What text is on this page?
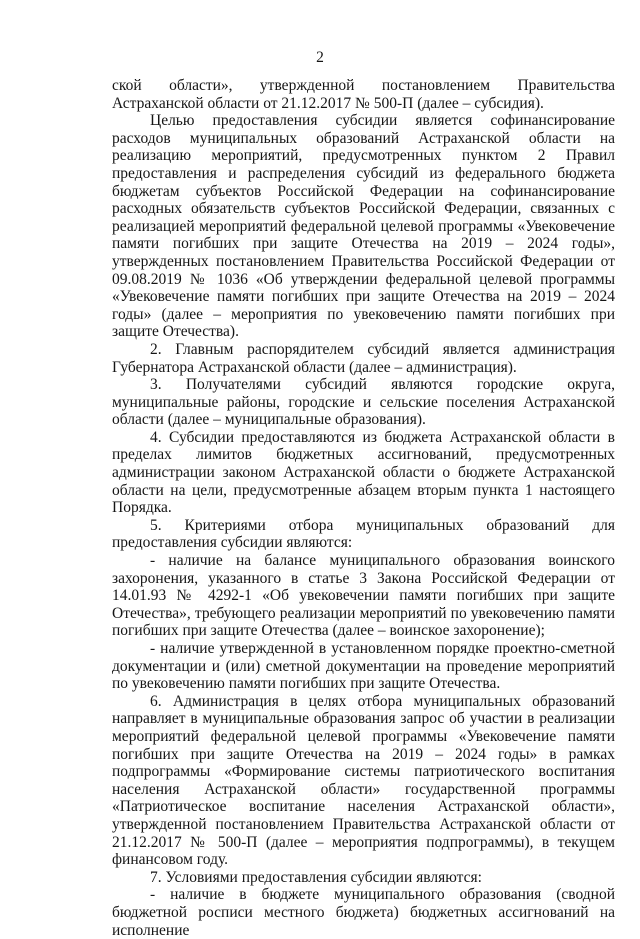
2

ской области», утвержденной постановлением Правительства Астраханской области от 21.12.2017 № 500-П (далее – субсидия).

Целью предоставления субсидии является софинансирование расходов муниципальных образований Астраханской области на реализацию мероприятий, предусмотренных пунктом 2 Правил предоставления и распределения субсидий из федерального бюджета бюджетам субъектов Российской Федерации на софинансирование расходных обязательств субъектов Российской Федерации, связанных с реализацией мероприятий федеральной целевой программы «Увековечение памяти погибших при защите Отечества на 2019 – 2024 годы», утвержденных постановлением Правительства Российской Федерации от 09.08.2019 № 1036 «Об утверждении федеральной целевой программы «Увековечение памяти погибших при защите Отечества на 2019 – 2024 годы» (далее – мероприятия по увековечению памяти погибших при защите Отечества).

2. Главным распорядителем субсидий является администрация Губернатора Астраханской области (далее – администрация).

3. Получателями субсидий являются городские округа, муниципальные районы, городские и сельские поселения Астраханской области (далее – муниципальные образования).

4. Субсидии предоставляются из бюджета Астраханской области в пределах лимитов бюджетных ассигнований, предусмотренных администрации законом Астраханской области о бюджете Астраханской области на цели, предусмотренные абзацем вторым пункта 1 настоящего Порядка.

5. Критериями отбора муниципальных образований для предоставления субсидии являются:

- наличие на балансе муниципального образования воинского захоронения, указанного в статье 3 Закона Российской Федерации от 14.01.93 № 4292-1 «Об увековечении памяти погибших при защите Отечества», требующего реализации мероприятий по увековечению памяти погибших при защите Отечества (далее – воинское захоронение);

- наличие утвержденной в установленном порядке проектно-сметной документации и (или) сметной документации на проведение мероприятий по увековечению памяти погибших при защите Отечества.

6. Администрация в целях отбора муниципальных образований направляет в муниципальные образования запрос об участии в реализации мероприятий федеральной целевой программы «Увековечение памяти погибших при защите Отечества на 2019 – 2024 годы» в рамках подпрограммы «Формирование системы патриотического воспитания населения Астраханской области» государственной программы «Патриотическое воспитание населения Астраханской области», утвержденной постановлением Правительства Астраханской области от 21.12.2017 № 500-П (далее – мероприятия подпрограммы), в текущем финансовом году.

7. Условиями предоставления субсидии являются:

- наличие в бюджете муниципального образования (сводной бюджетной росписи местного бюджета) бюджетных ассигнований на исполнение
